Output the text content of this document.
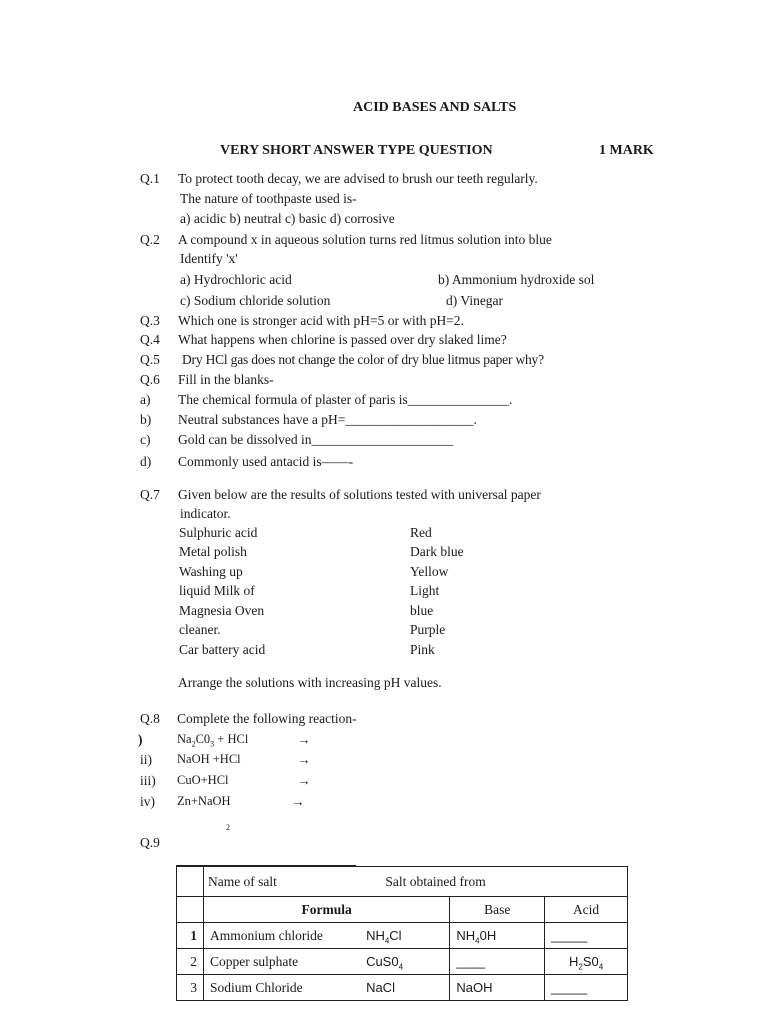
ACID BASES AND SALTS
VERY SHORT ANSWER TYPE QUESTION	1 MARK
Q.1 To protect tooth decay, we are advised to brush our teeth regularly.
The nature of toothpaste used is-
a) acidic b) neutral c) basic d) corrosive
Q.2 A compound x in aqueous solution turns red litmus solution into blue
Identify 'x'
a) Hydrochloric acid	b) Ammonium hydroxide sol
c) Sodium chloride solution	d) Vinegar
Q.3 Which one is stronger acid with pH=5 or with pH=2.
Q.4 What happens when chlorine is passed over dry slaked lime?
Q.5 Dry HCl gas does not change the color of dry blue litmus paper why?
Q.6 Fill in the blanks-
a) The chemical formula of plaster of paris is_______________.
b) Neutral substances have a pH=___________________.
c) Gold can be dissolved in_____________________
d) Commonly used antacid is——-
Q.7 Given below are the results of solutions tested with universal paper
indicator.
Sulphuric acid	Red
Metal polish	Dark blue
Washing up	Yellow
liquid Milk of	Light
Magnesia Oven	blue
cleaner.	Purple
Car battery acid	Pink
Arrange the solutions with increasing pH values.
Q.8 Complete the following reaction-
)	$Na_2C0_3$ + HCl	→
ii) NaOH +HCl	→
iii) CuO+HCl	→
iv) Zn+NaOH	→
2
Q.9
	Name of salt Salt obtained from			
	Formula		Base	Acid
1	Ammonium chloride	$NH_4Cl$	$NH_40H$	_____
2	Copper sulphate	$CuS0_4$	____	$H_2S0_4$
3	Sodium Chloride	NaCl	NaOH	_____
